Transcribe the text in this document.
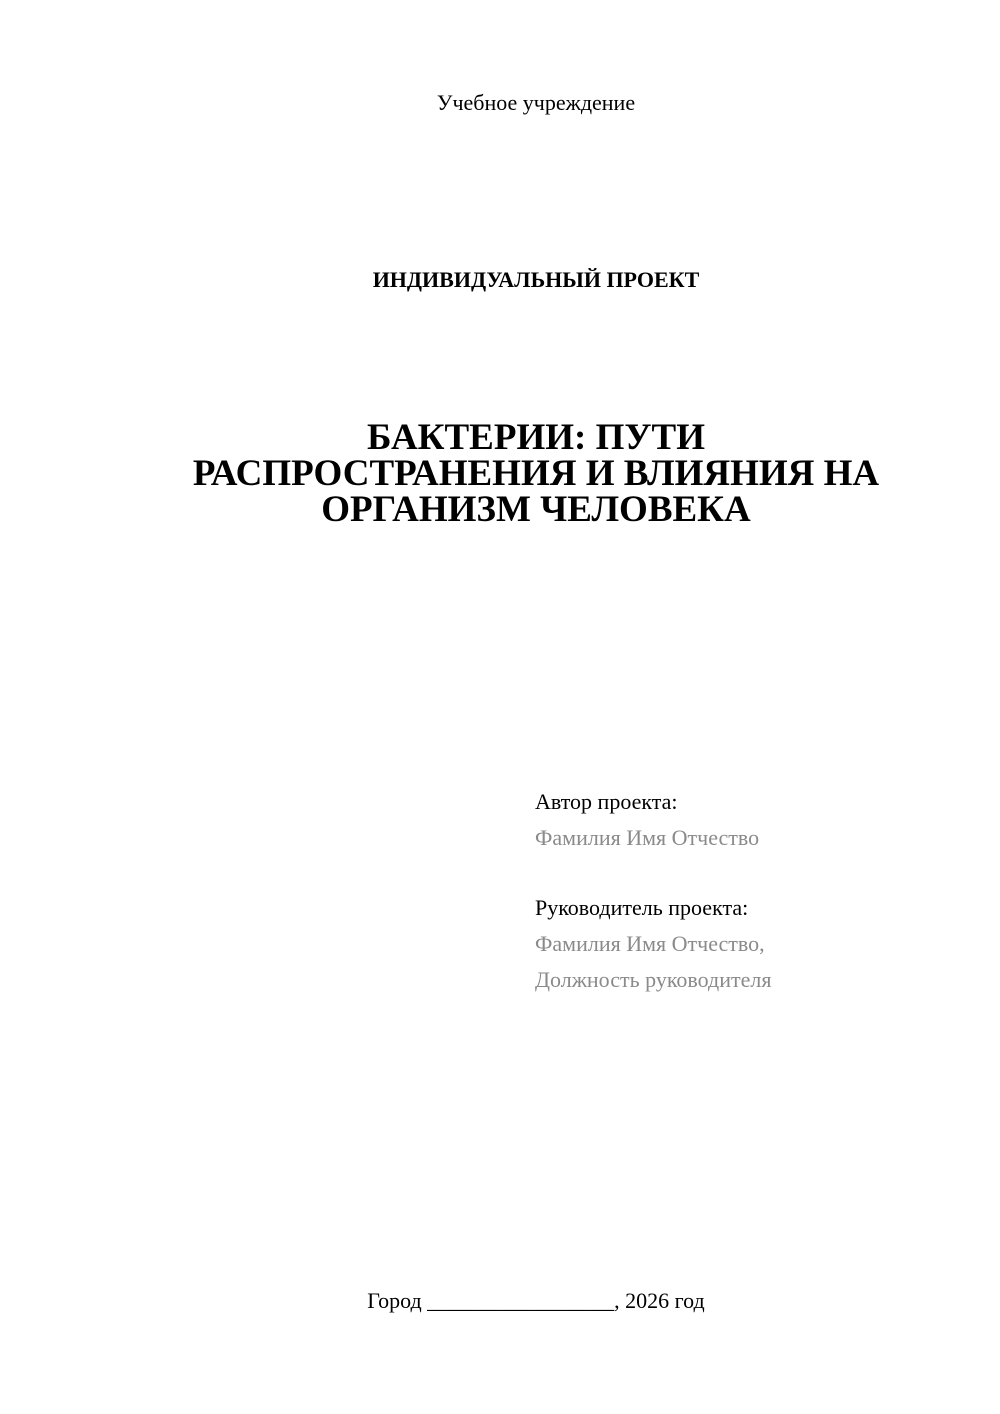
Учебное учреждение
ИНДИВИДУАЛЬНЫЙ ПРОЕКТ
БАКТЕРИИ: ПУТИ
РАСПРОСТРАНЕНИЯ И ВЛИЯНИЯ НА
ОРГАНИЗМ ЧЕЛОВЕКА
Автор проекта:
Фамилия Имя Отчество
Руководитель проекта:
Фамилия Имя Отчество,
Должность руководителя
Город _________________, 2026 год
